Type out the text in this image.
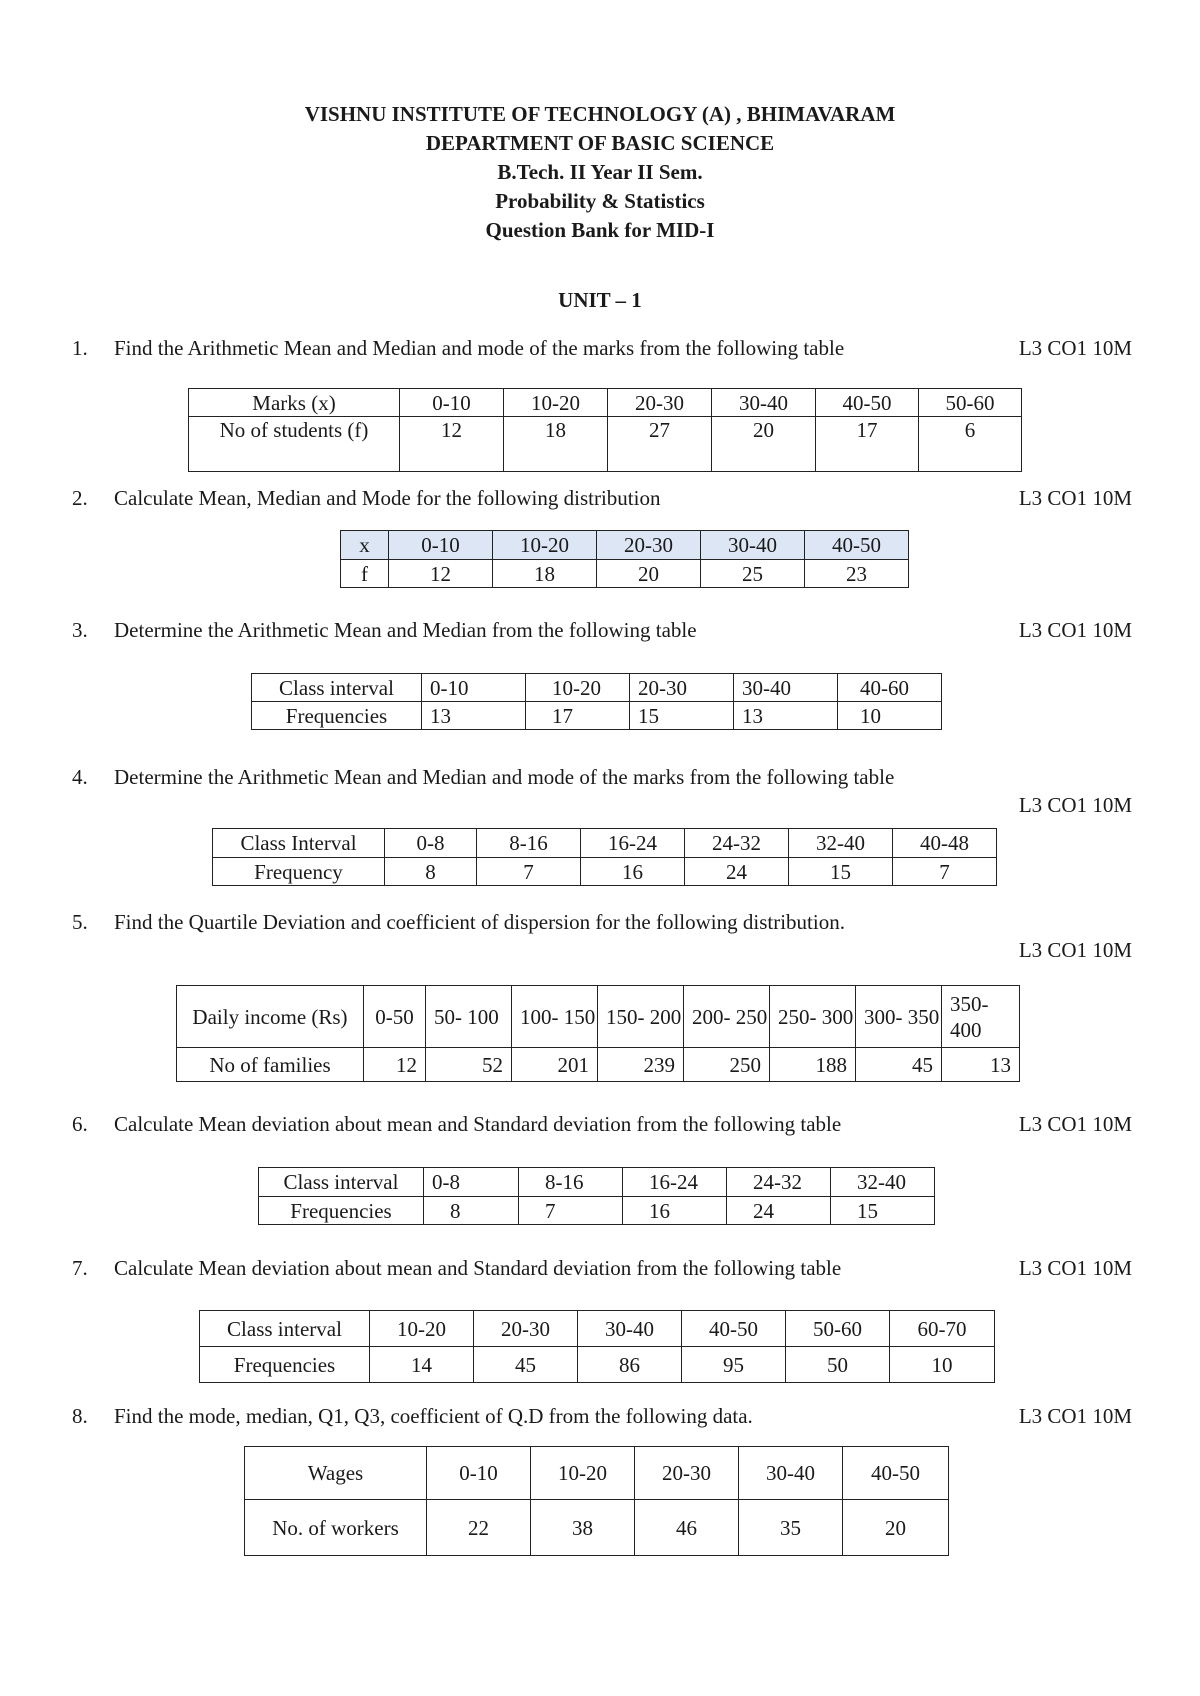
VISHNU INSTITUTE OF TECHNOLOGY (A) , BHIMAVARAM
DEPARTMENT OF BASIC SCIENCE
B.Tech. II Year II Sem.
Probability & Statistics
Question Bank for MID-I
UNIT – 1
1. Find the Arithmetic Mean and Median and mode of the marks from the following table	L3 CO1 10M
Marks (x)	0-10	10-20	20-30	30-40	40-50	50-60
No of students (f)	12	18	27	20	17	6
2. Calculate Mean, Median and Mode for the following distribution	L3 CO1 10M
x	0-10	10-20	20-30	30-40	40-50
f	12	18	20	25	23
3. Determine the Arithmetic Mean and Median from the following table	L3 CO1 10M
Class interval	0-10	10-20	20-30	30-40	40-60
Frequencies	13	17	15	13	10
4. Determine the Arithmetic Mean and Median and mode of the marks from the following table
L3 CO1 10M
Class Interval	0-8	8-16	16-24	24-32	32-40	40-48
Frequency	8	7	16	24	15	7
5. Find the Quartile Deviation and coefficient of dispersion for the following distribution.
L3 CO1 10M
Daily income (Rs)	0-50	50- 100	100- 150	150- 200	200- 250	250- 300	300- 350	350- 400
No of families	12	52	201	239	250	188	45	13
6. Calculate Mean deviation about mean and Standard deviation from the following table	L3 CO1 10M
Class interval	0-8	8-16	16-24	24-32	32-40
Frequencies	8	7	16	24	15
7. Calculate Mean deviation about mean and Standard deviation from the following table	L3 CO1 10M
Class interval	10-20	20-30	30-40	40-50	50-60	60-70
Frequencies	14	45	86	95	50	10
8. Find the mode, median, Q1, Q3, coefficient of Q.D from the following data.	L3 CO1 10M
Wages	0-10	10-20	20-30	30-40	40-50
No. of workers	22	38	46	35	20
